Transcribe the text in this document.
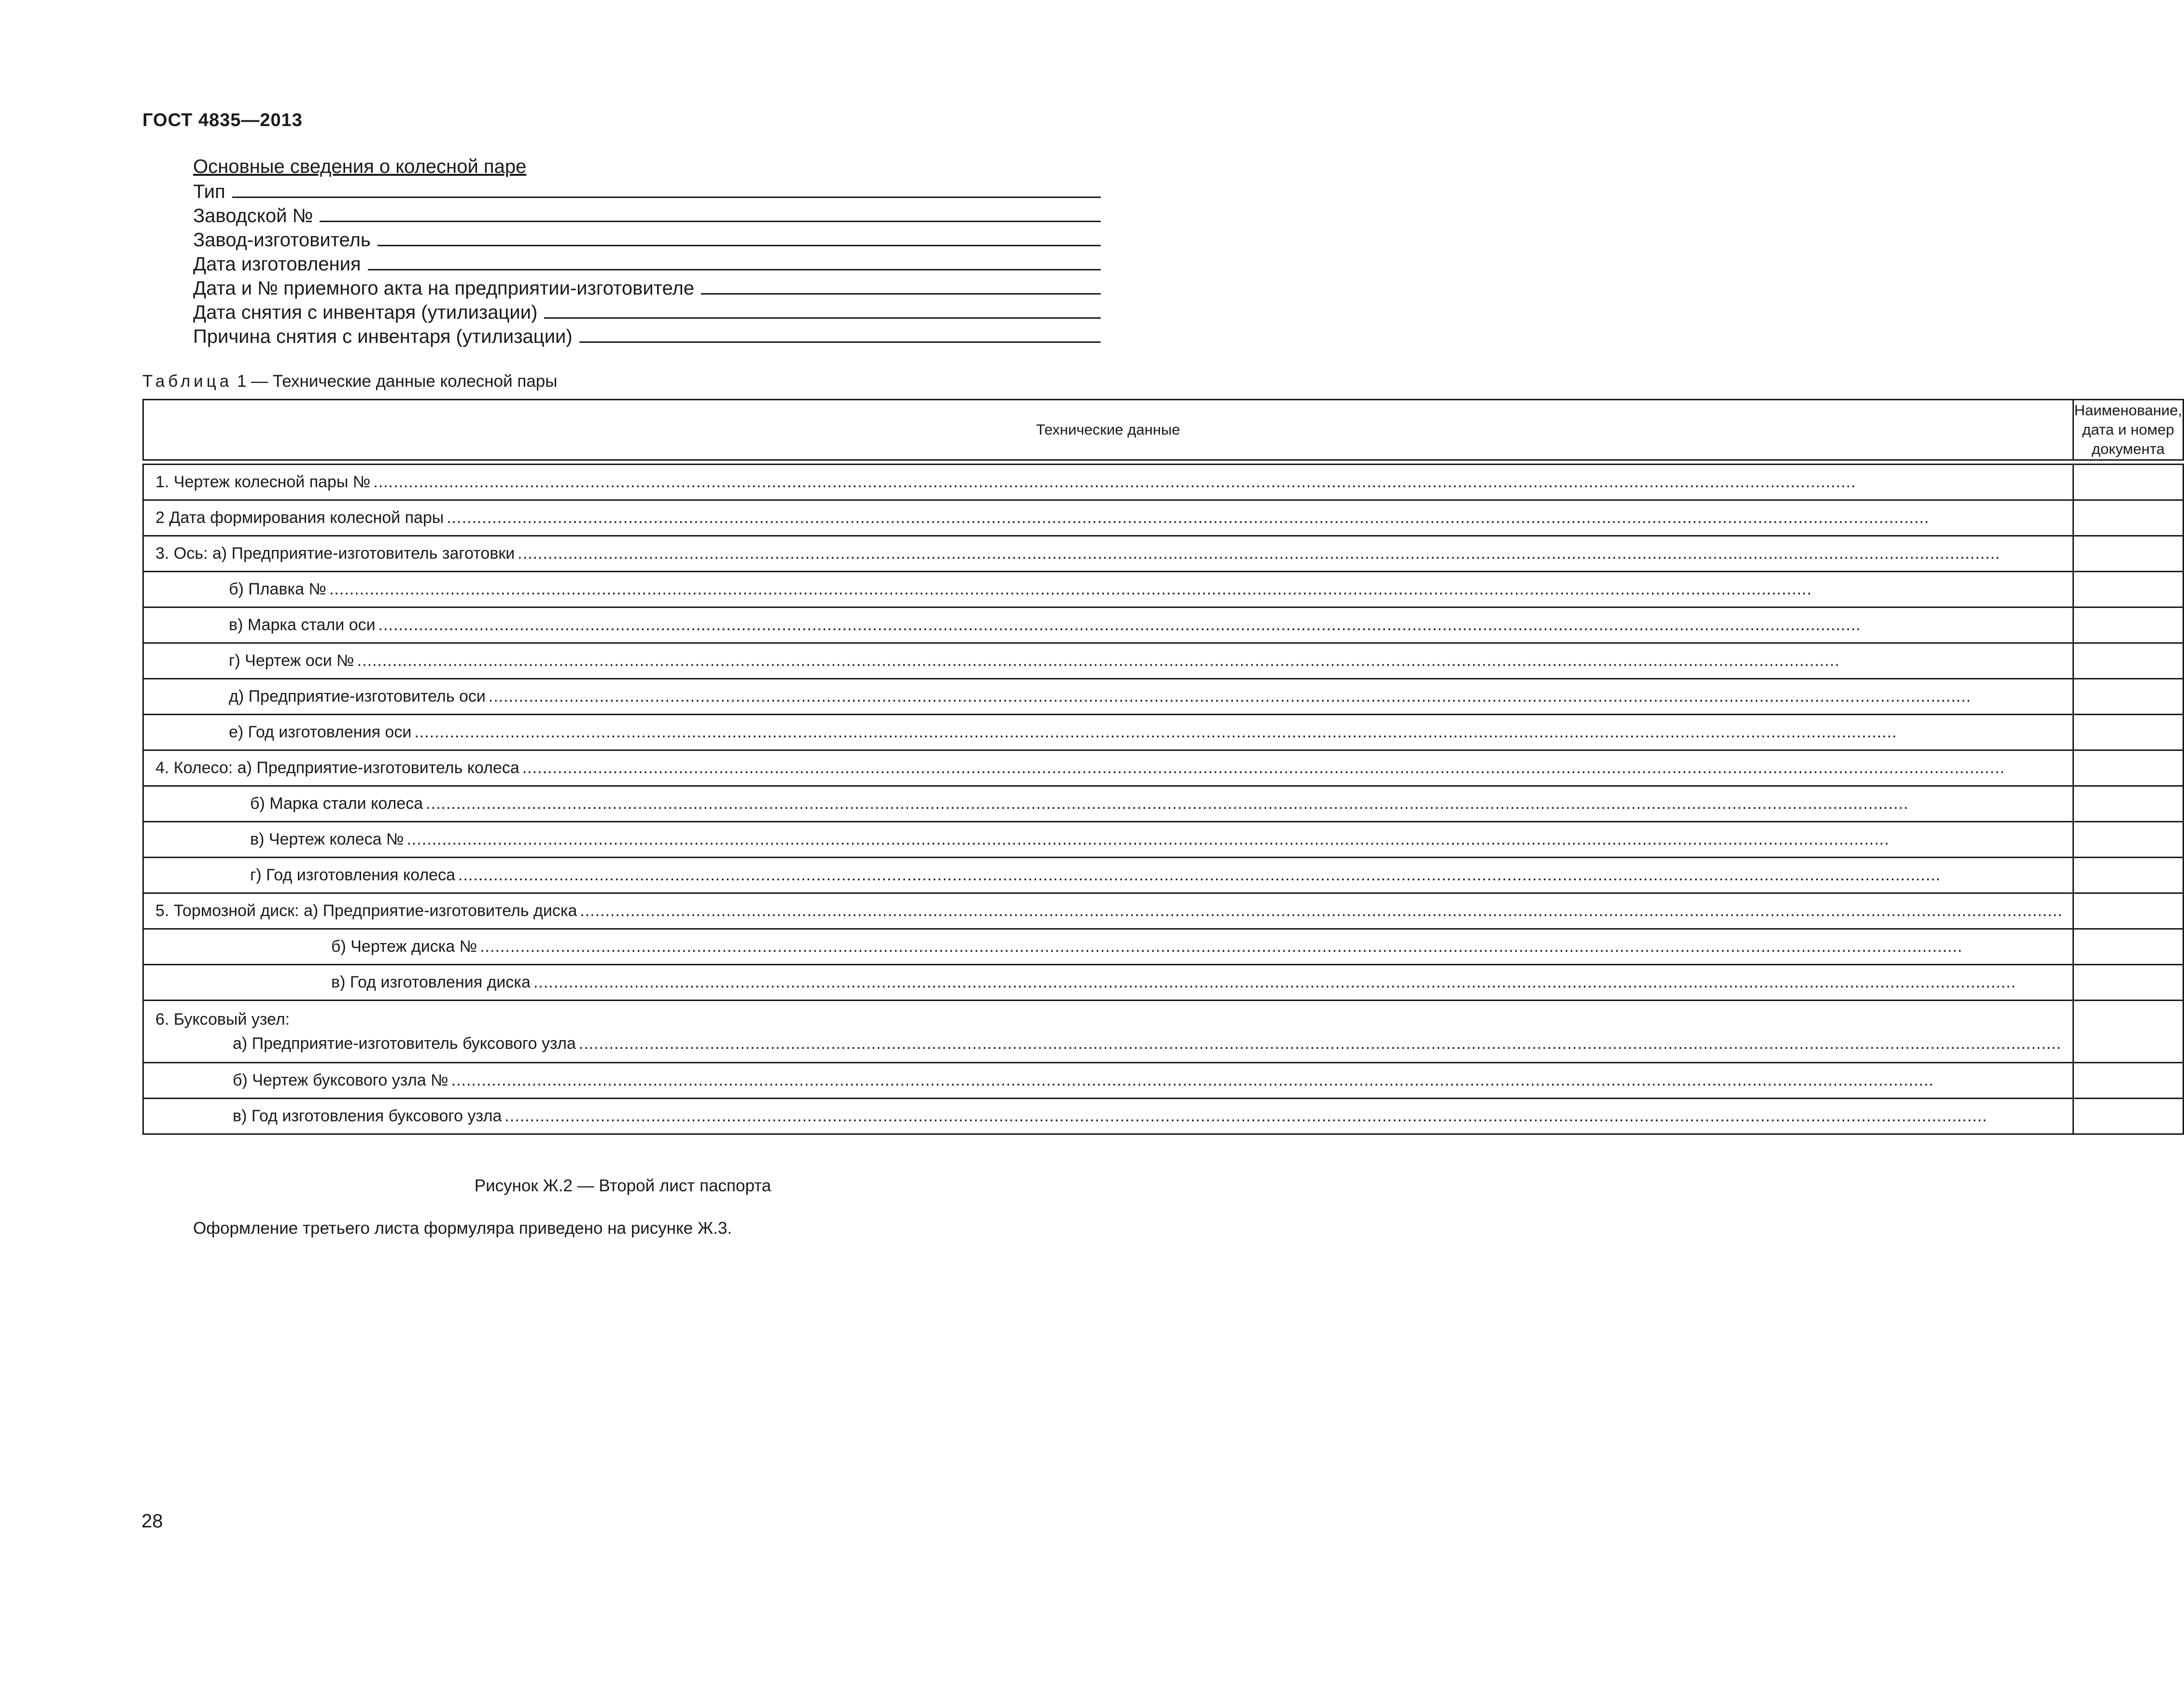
ГОСТ 4835—2013
Основные сведения о колесной паре
Тип
Заводской №
Завод-изготовитель
Дата изготовления
Дата и № приемного акта на предприятии-изготовителе
Дата снятия с инвентаря (утилизации)
Причина снятия с инвентаря (утилизации)
Таблица 1 — Технические данные колесной пары
Технические данные	Наименование, дата и номер документа

1. Чертеж колесной пары №
.....

2 Дата формирования колесной пары
.....

3. Ось: а) Предприятие-изготовитель заготовки
.....

б) Плавка №
.....

в) Марка стали оси
.....

г) Чертеж оси №
.....

д) Предприятие-изготовитель оси
.....

е) Год изготовления оси
.....

4. Колесо: а) Предприятие-изготовитель колеса
.....

б) Марка стали колеса
.....

в) Чертеж колеса №
.....

г) Год изготовления колеса
.....

5. Тормозной диск: а) Предприятие-изготовитель диска
.....

б) Чертеж диска №
.....

в) Год изготовления диска
.....

6. Буксовый узел:
а) Предприятие-изготовитель буксового узла
.....

б) Чертеж буксового узла №
.....

в) Год изготовления буксового узла
.....

Рисунок Ж.2 — Второй лист паспорта
Оформление третьего листа формуляра приведено на рисунке Ж.3.
28
